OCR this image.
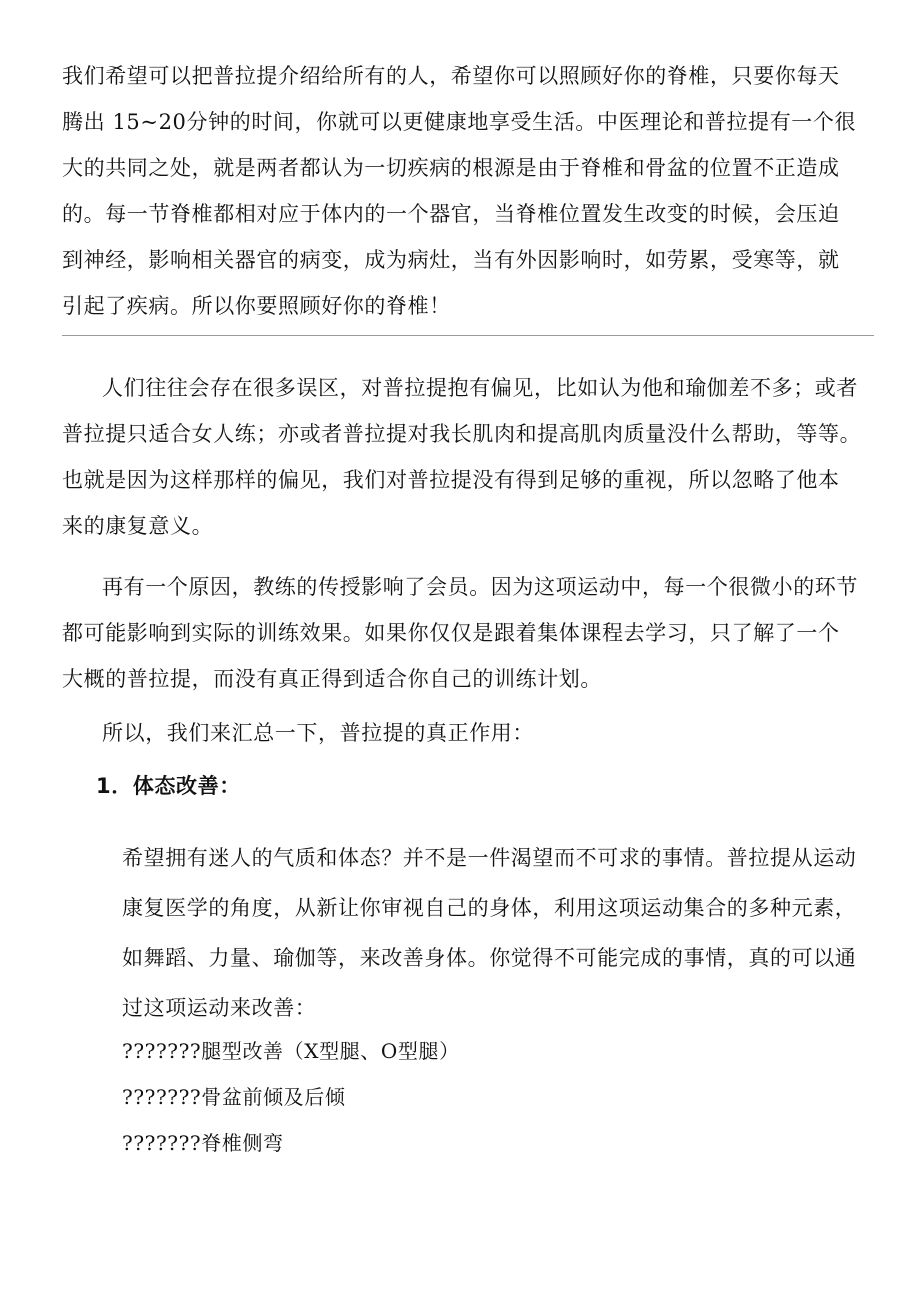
我们希望可以把普拉提介绍给所有的人，希望你可以照顾好你的脊椎，只要你每天
腾出 15~20分钟的时间，你就可以更健康地享受生活。中医理论和普拉提有一个很
大的共同之处，就是两者都认为一切疾病的根源是由于脊椎和骨盆的位置不正造成
的。每一节脊椎都相对应于体内的一个器官，当脊椎位置发生改变的时候，会压迫
到神经，影响相关器官的病变，成为病灶，当有外因影响时，如劳累，受寒等，就
引起了疾病。所以你要照顾好你的脊椎！
人们往往会存在很多误区，对普拉提抱有偏见，比如认为他和瑜伽差不多；或者
普拉提只适合女人练；亦或者普拉提对我长肌肉和提高肌肉质量没什么帮助，等等。
也就是因为这样那样的偏见，我们对普拉提没有得到足够的重视，所以忽略了他本
来的康复意义。
再有一个原因，教练的传授影响了会员。因为这项运动中，每一个很微小的环节
都可能影响到实际的训练效果。如果你仅仅是跟着集体课程去学习，只了解了一个
大概的普拉提，而没有真正得到适合你自己的训练计划。
所以，我们来汇总一下，普拉提的真正作用：
1．体态改善：
希望拥有迷人的气质和体态？并不是一件渴望而不可求的事情。普拉提从运动
康复医学的角度，从新让你审视自己的身体，利用这项运动集合的多种元素，
如舞蹈、力量、瑜伽等，来改善身体。你觉得不可能完成的事情，真的可以通
过这项运动来改善：
???????腿型改善（X型腿、O型腿）
???????骨盆前倾及后倾
???????脊椎侧弯
